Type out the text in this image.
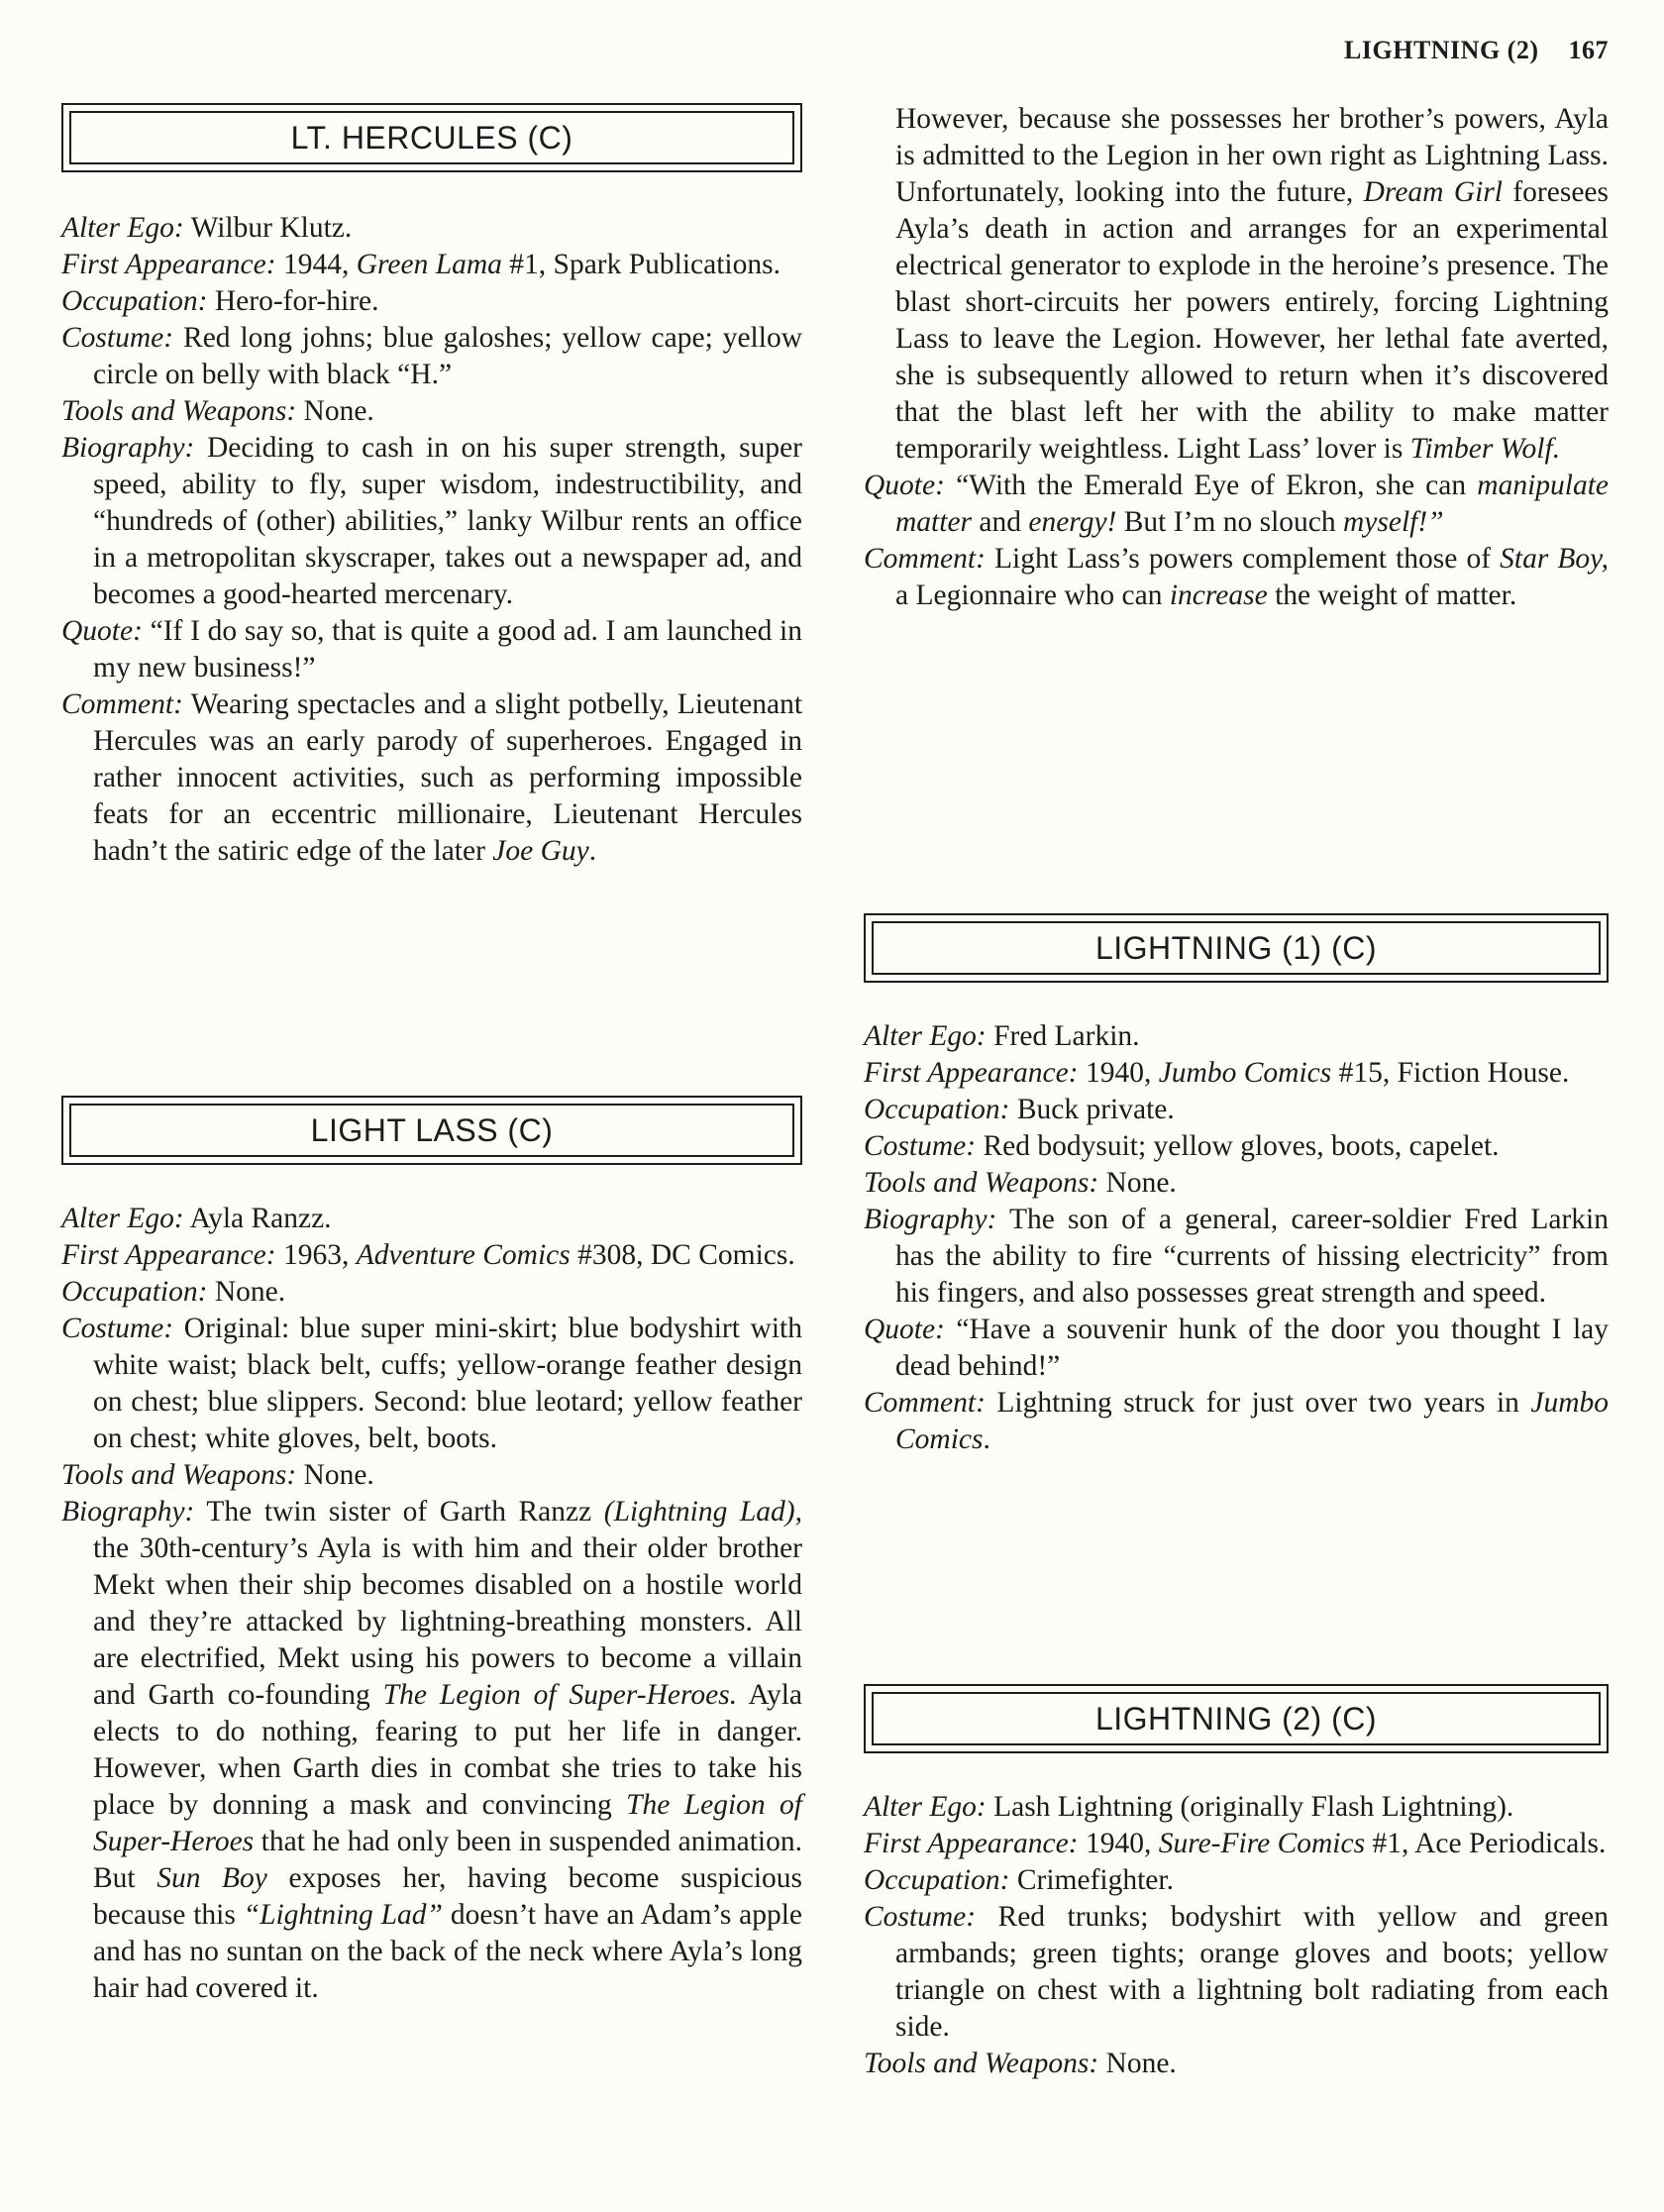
LIGHTNING (2) 167
LT. HERCULES (C)

Alter Ego: Wilbur Klutz.

First Appearance: 1944, Green Lama #1, Spark Publications.

Occupation: Hero-for-hire.

Costume: Red long johns; blue galoshes; yellow cape; yellow circle on belly with black “H.”

Tools and Weapons: None.

Biography: Deciding to cash in on his super strength, super speed, ability to fly, super wisdom, indestructibility, and “hundreds of (other) abilities,” lanky Wilbur rents an office in a metropolitan skyscraper, takes out a newspaper ad, and becomes a good-hearted mercenary.

Quote: “If I do say so, that is quite a good ad. I am launched in my new business!”

Comment: Wearing spectacles and a slight potbelly, Lieutenant Hercules was an early parody of superheroes. Engaged in rather innocent activities, such as performing impossible feats for an eccentric millionaire, Lieutenant Hercules hadn’t the satiric edge of the later Joe Guy.

LIGHT LASS (C)

Alter Ego: Ayla Ranzz.

First Appearance: 1963, Adventure Comics #308, DC Comics.

Occupation: None.

Costume: Original: blue super mini-skirt; blue bodyshirt with white waist; black belt, cuffs; yellow-orange feather design on chest; blue slippers. Second: blue leotard; yellow feather on chest; white gloves, belt, boots.

Tools and Weapons: None.

Biography: The twin sister of Garth Ranzz (Lightning Lad), the 30th-century’s Ayla is with him and their older brother Mekt when their ship becomes disabled on a hostile world and they’re attacked by lightning-breathing monsters. All are electrified, Mekt using his powers to become a villain and Garth co-founding The Legion of Super-Heroes. Ayla elects to do nothing, fearing to put her life in danger. However, when Garth dies in combat she tries to take his place by donning a mask and convincing The Legion of Super-Heroes that he had only been in suspended animation. But Sun Boy exposes her, having become suspicious because this “Lightning Lad” doesn’t have an Adam’s apple and has no suntan on the back of the neck where Ayla’s long hair had covered it.

However, because she possesses her brother’s powers, Ayla is admitted to the Legion in her own right as Lightning Lass. Unfortunately, looking into the future, Dream Girl foresees Ayla’s death in action and arranges for an experimental electrical generator to explode in the heroine’s presence. The blast short-circuits her powers entirely, forcing Lightning Lass to leave the Legion. However, her lethal fate averted, she is subsequently allowed to return when it’s discovered that the blast left her with the ability to make matter temporarily weightless. Light Lass’ lover is Timber Wolf.

Quote: “With the Emerald Eye of Ekron, she can manipulate matter and energy! But I’m no slouch myself!”

Comment: Light Lass’s powers complement those of Star Boy, a Legionnaire who can increase the weight of matter.

LIGHTNING (1) (C)

Alter Ego: Fred Larkin.

First Appearance: 1940, Jumbo Comics #15, Fiction House.

Occupation: Buck private.

Costume: Red bodysuit; yellow gloves, boots, capelet.

Tools and Weapons: None.

Biography: The son of a general, career-soldier Fred Larkin has the ability to fire “currents of hissing electricity” from his fingers, and also possesses great strength and speed.

Quote: “Have a souvenir hunk of the door you thought I lay dead behind!”

Comment: Lightning struck for just over two years in Jumbo Comics.

LIGHTNING (2) (C)

Alter Ego: Lash Lightning (originally Flash Lightning).

First Appearance: 1940, Sure-Fire Comics #1, Ace Periodicals.

Occupation: Crimefighter.

Costume: Red trunks; bodyshirt with yellow and green armbands; green tights; orange gloves and boots; yellow triangle on chest with a lightning bolt radiating from each side.

Tools and Weapons: None.
